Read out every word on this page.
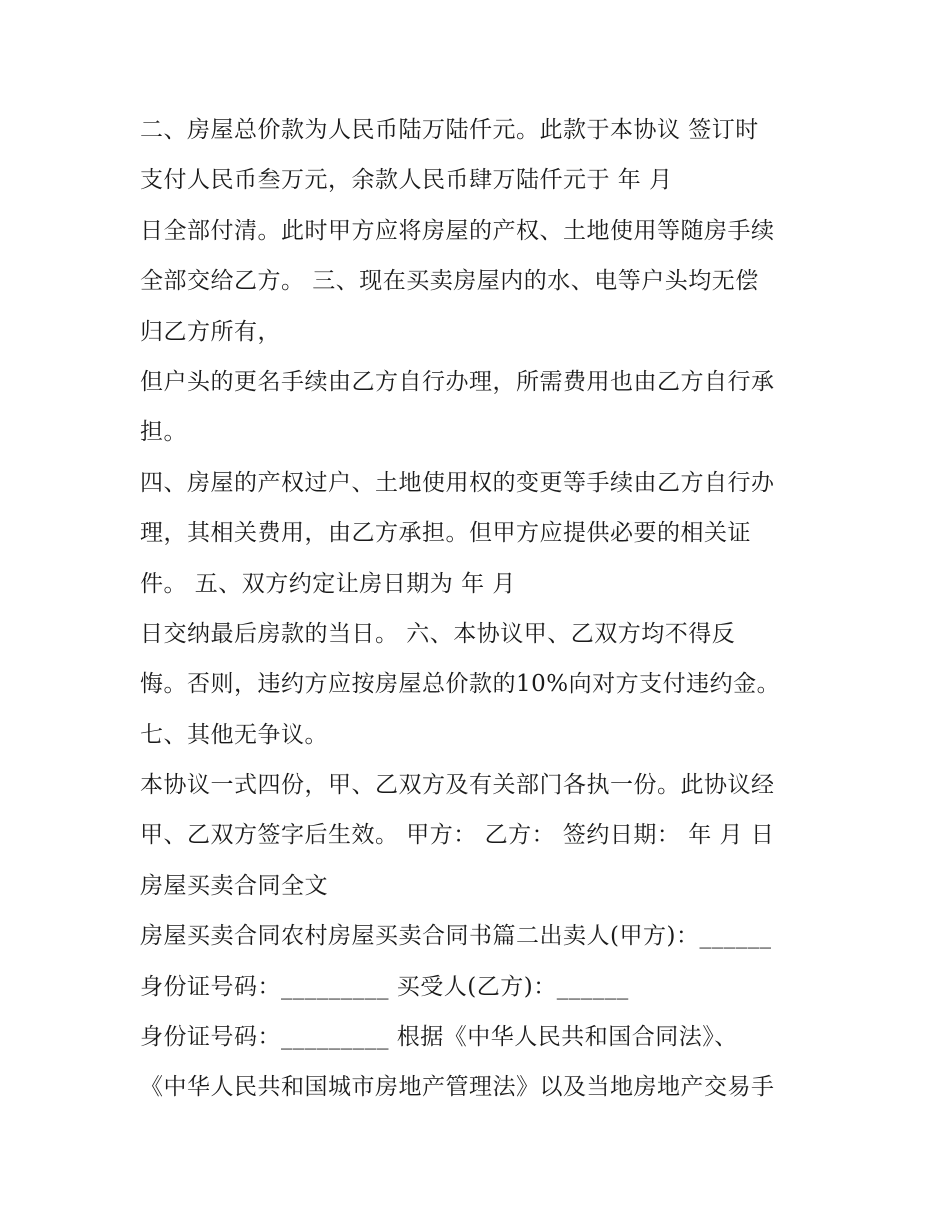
二、房屋总价款为人民币陆万陆仟元。此款于本协议 签订时
支付人民币叁万元，余款人民币肆万陆仟元于 年 月
日全部付清。此时甲方应将房屋的产权、土地使用等随房手续
全部交给乙方。 三、现在买卖房屋内的水、电等户头均无偿
归乙方所有，
但户头的更名手续由乙方自行办理，所需费用也由乙方自行承
担。
四、房屋的产权过户、土地使用权的变更等手续由乙方自行办
理，其相关费用，由乙方承担。但甲方应提供必要的相关证
件。 五、双方约定让房日期为 年 月
日交纳最后房款的当日。 六、本协议甲、乙双方均不得反
悔。否则，违约方应按房屋总价款的10%向对方支付违约金。
七、其他无争议。
本协议一式四份，甲、乙双方及有关部门各执一份。此协议经
甲、乙双方签字后生效。 甲方： 乙方： 签约日期： 年 月 日
房屋买卖合同全文
房屋买卖合同农村房屋买卖合同书篇二出卖人(甲方)：______
身份证号码：_________ 买受人(乙方)：______
身份证号码：_________ 根据《中华人民共和国合同法》、
《中华人民共和国城市房地产管理法》以及当地房地产交易手
